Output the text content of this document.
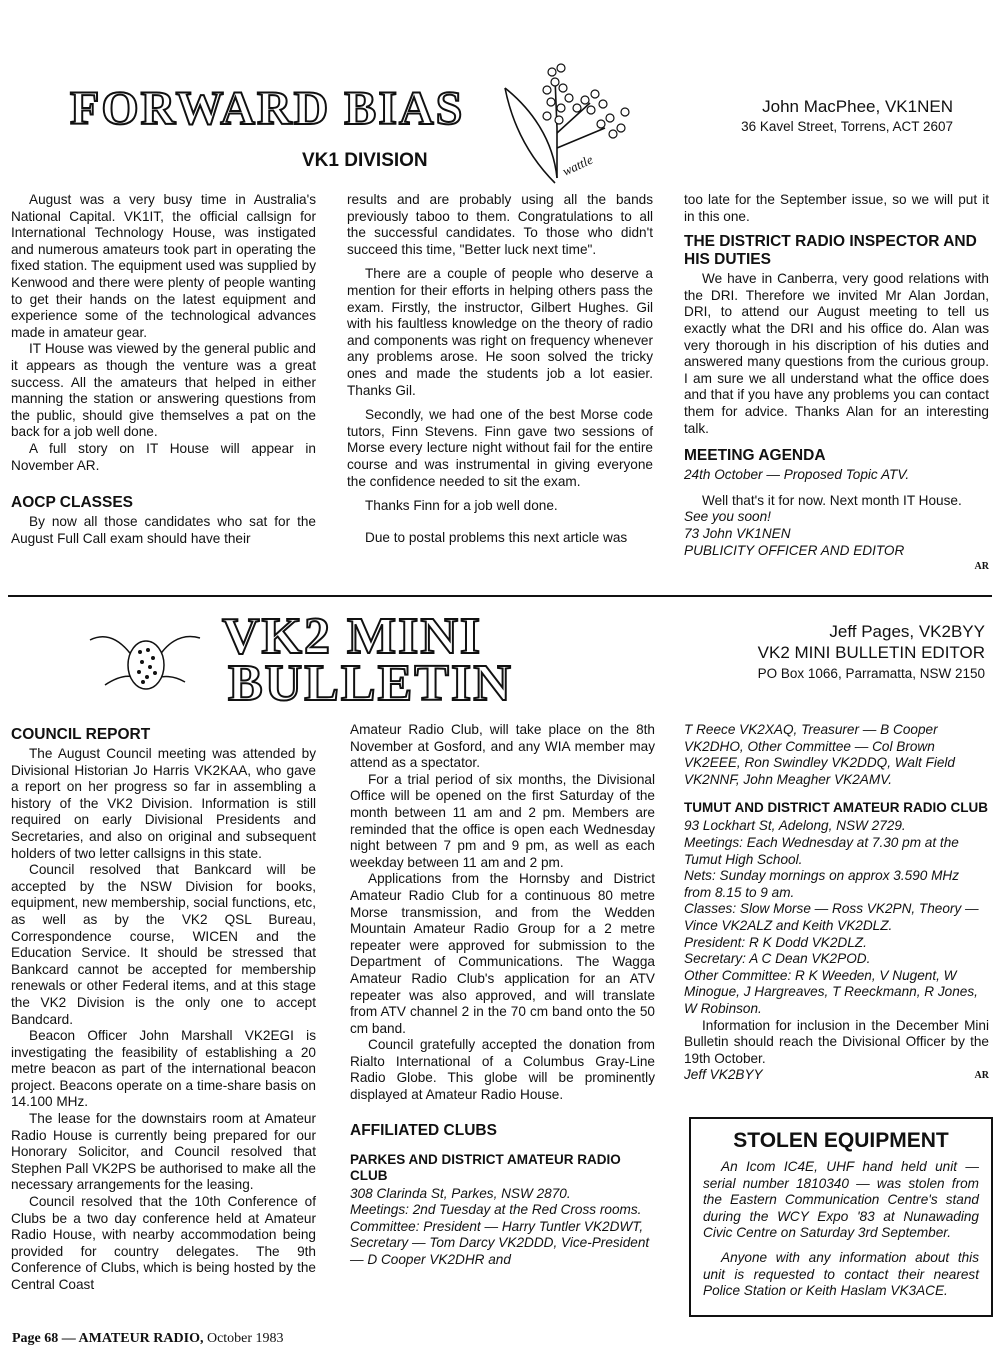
FORWARD BIAS
VK1 DIVISION	wattle
John MacPhee, VK1NEN
36 Kavel Street, Torrens, ACT 2607

August was a very busy time in Australia's National Capital. VK1IT, the official callsign for International Technology House, was instigated and numerous amateurs took part in operating the fixed station. The equipment used was supplied by Kenwood and there were plenty of people wanting to get their hands on the latest equipment and experience some of the technological advances made in amateur gear.

IT House was viewed by the general public and it appears as though the venture was a great success. All the amateurs that helped in either manning the station or answering questions from the public, should give themselves a pat on the back for a job well done.

A full story on IT House will appear in November AR.

AOCP CLASSES

By now all those candidates who sat for the August Full Call exam should have their

results and are probably using all the bands previously taboo to them. Congratulations to all the successful candidates. To those who didn't succeed this time, "Better luck next time".

There are a couple of people who deserve a mention for their efforts in helping others pass the exam. Firstly, the instructor, Gilbert Hughes. Gil with his faultless knowledge on the theory of radio and components was right on frequency whenever any problems arose. He soon solved the tricky ones and made the students job a lot easier. Thanks Gil.

Secondly, we had one of the best Morse code tutors, Finn Stevens. Finn gave two sessions of Morse every lecture night without fail for the entire course and was instrumental in giving everyone the confidence needed to sit the exam.

Thanks Finn for a job well done.

Due to postal problems this next article was

too late for the September issue, so we will put it in this one.

THE DISTRICT RADIO INSPECTOR AND HIS DUTIES

We have in Canberra, very good relations with the DRI. Therefore we invited Mr Alan Jordan, DRI, to attend our August meeting to tell us exactly what the DRI and his office do. Alan was very thorough in his discription of his duties and answered many questions from the curious group. I am sure we all understand what the office does and that if you have any problems you can contact them for advice. Thanks Alan for an interesting talk.

MEETING AGENDA

24th October — Proposed Topic ATV.

Well that's it for now. Next month IT House.

See you soon!

73 John VK1NEN

PUBLICITY OFFICER AND EDITOR

AR
VK2 MINI
BULLETIN
Jeff Pages, VK2BYY
VK2 MINI BULLETIN EDITOR
PO Box 1066, Parramatta, NSW 2150
COUNCIL REPORT

The August Council meeting was attended by Divisional Historian Jo Harris VK2KAA, who gave a report on her progress so far in assembling a history of the VK2 Division. Information is still required on early Divisional Presidents and Secretaries, and also on original and subsequent holders of two letter callsigns in this state.

Council resolved that Bankcard will be accepted by the NSW Division for books, equipment, new membership, social functions, etc, as well as by the VK2 QSL Bureau, Correspondence course, WICEN and the Education Service. It should be stressed that Bankcard cannot be accepted for membership renewals or other Federal items, and at this stage the VK2 Division is the only one to accept Bandcard.

Beacon Officer John Marshall VK2EGI is investigating the feasibility of establishing a 20 metre beacon as part of the international beacon project. Beacons operate on a time-share basis on 14.100 MHz.

The lease for the downstairs room at Amateur Radio House is currently being prepared for our Honorary Solicitor, and Council resolved that Stephen Pall VK2PS be authorised to make all the necessary arrangements for the leasing.

Council resolved that the 10th Conference of Clubs be a two day conference held at Amateur Radio House, with nearby accommodation being provided for country delegates. The 9th Conference of Clubs, which is being hosted by the Central Coast

Amateur Radio Club, will take place on the 8th November at Gosford, and any WIA member may attend as a spectator.

For a trial period of six months, the Divisional Office will be opened on the first Saturday of the month between 11 am and 2 pm. Members are reminded that the office is open each Wednesday night between 7 pm and 9 pm, as well as each weekday between 11 am and 2 pm.

Applications from the Hornsby and District Amateur Radio Club for a continuous 80 metre Morse transmission, and from the Wedden Mountain Amateur Radio Group for a 2 metre repeater were approved for submission to the Department of Communications. The Wagga Amateur Radio Club's application for an ATV repeater was also approved, and will translate from ATV channel 2 in the 70 cm band onto the 50 cm band.

Council gratefully accepted the donation from Rialto International of a Columbus Gray-Line Radio Globe. This globe will be prominently displayed at Amateur Radio House.

AFFILIATED CLUBS
PARKES AND DISTRICT AMATEUR RADIO CLUB

308 Clarinda St, Parkes, NSW 2870.

Meetings: 2nd Tuesday at the Red Cross rooms.

Committee: President — Harry Tuntler VK2DWT, Secretary — Tom Darcy VK2DDD, Vice-President — D Cooper VK2DHR and

T Reece VK2XAQ, Treasurer — B Cooper VK2DHO, Other Committee — Col Brown VK2EEE, Ron Swindley VK2DDQ, Walt Field VK2NNF, John Meagher VK2AMV.

TUMUT AND DISTRICT AMATEUR RADIO CLUB

93 Lockhart St, Adelong, NSW 2729.

Meetings: Each Wednesday at 7.30 pm at the Tumut High School.

Nets: Sunday mornings on approx 3.590 MHz from 8.15 to 9 am.

Classes: Slow Morse — Ross VK2PN, Theory — Vince VK2ALZ and Keith VK2DLZ.

President: R K Dodd VK2DLZ.

Secretary: A C Dean VK2POD.

Other Committee: R K Weeden, V Nugent, W Minogue, J Hargreaves, T Reeckmann, R Jones, W Robinson.

Information for inclusion in the December Mini Bulletin should reach the Divisional Officer by the 19th October.

Jeff VK2BYY	AR
STOLEN EQUIPMENT

An Icom IC4E, UHF hand held unit — serial number 1810340 — was stolen from the Eastern Communication Centre's stand during the WCY Expo '83 at Nunawading Civic Centre on Saturday 3rd September.

Anyone with any information about this unit is requested to contact their nearest Police Station or Keith Haslam VK3ACE.

Page 68 — AMATEUR RADIO, October 1983
